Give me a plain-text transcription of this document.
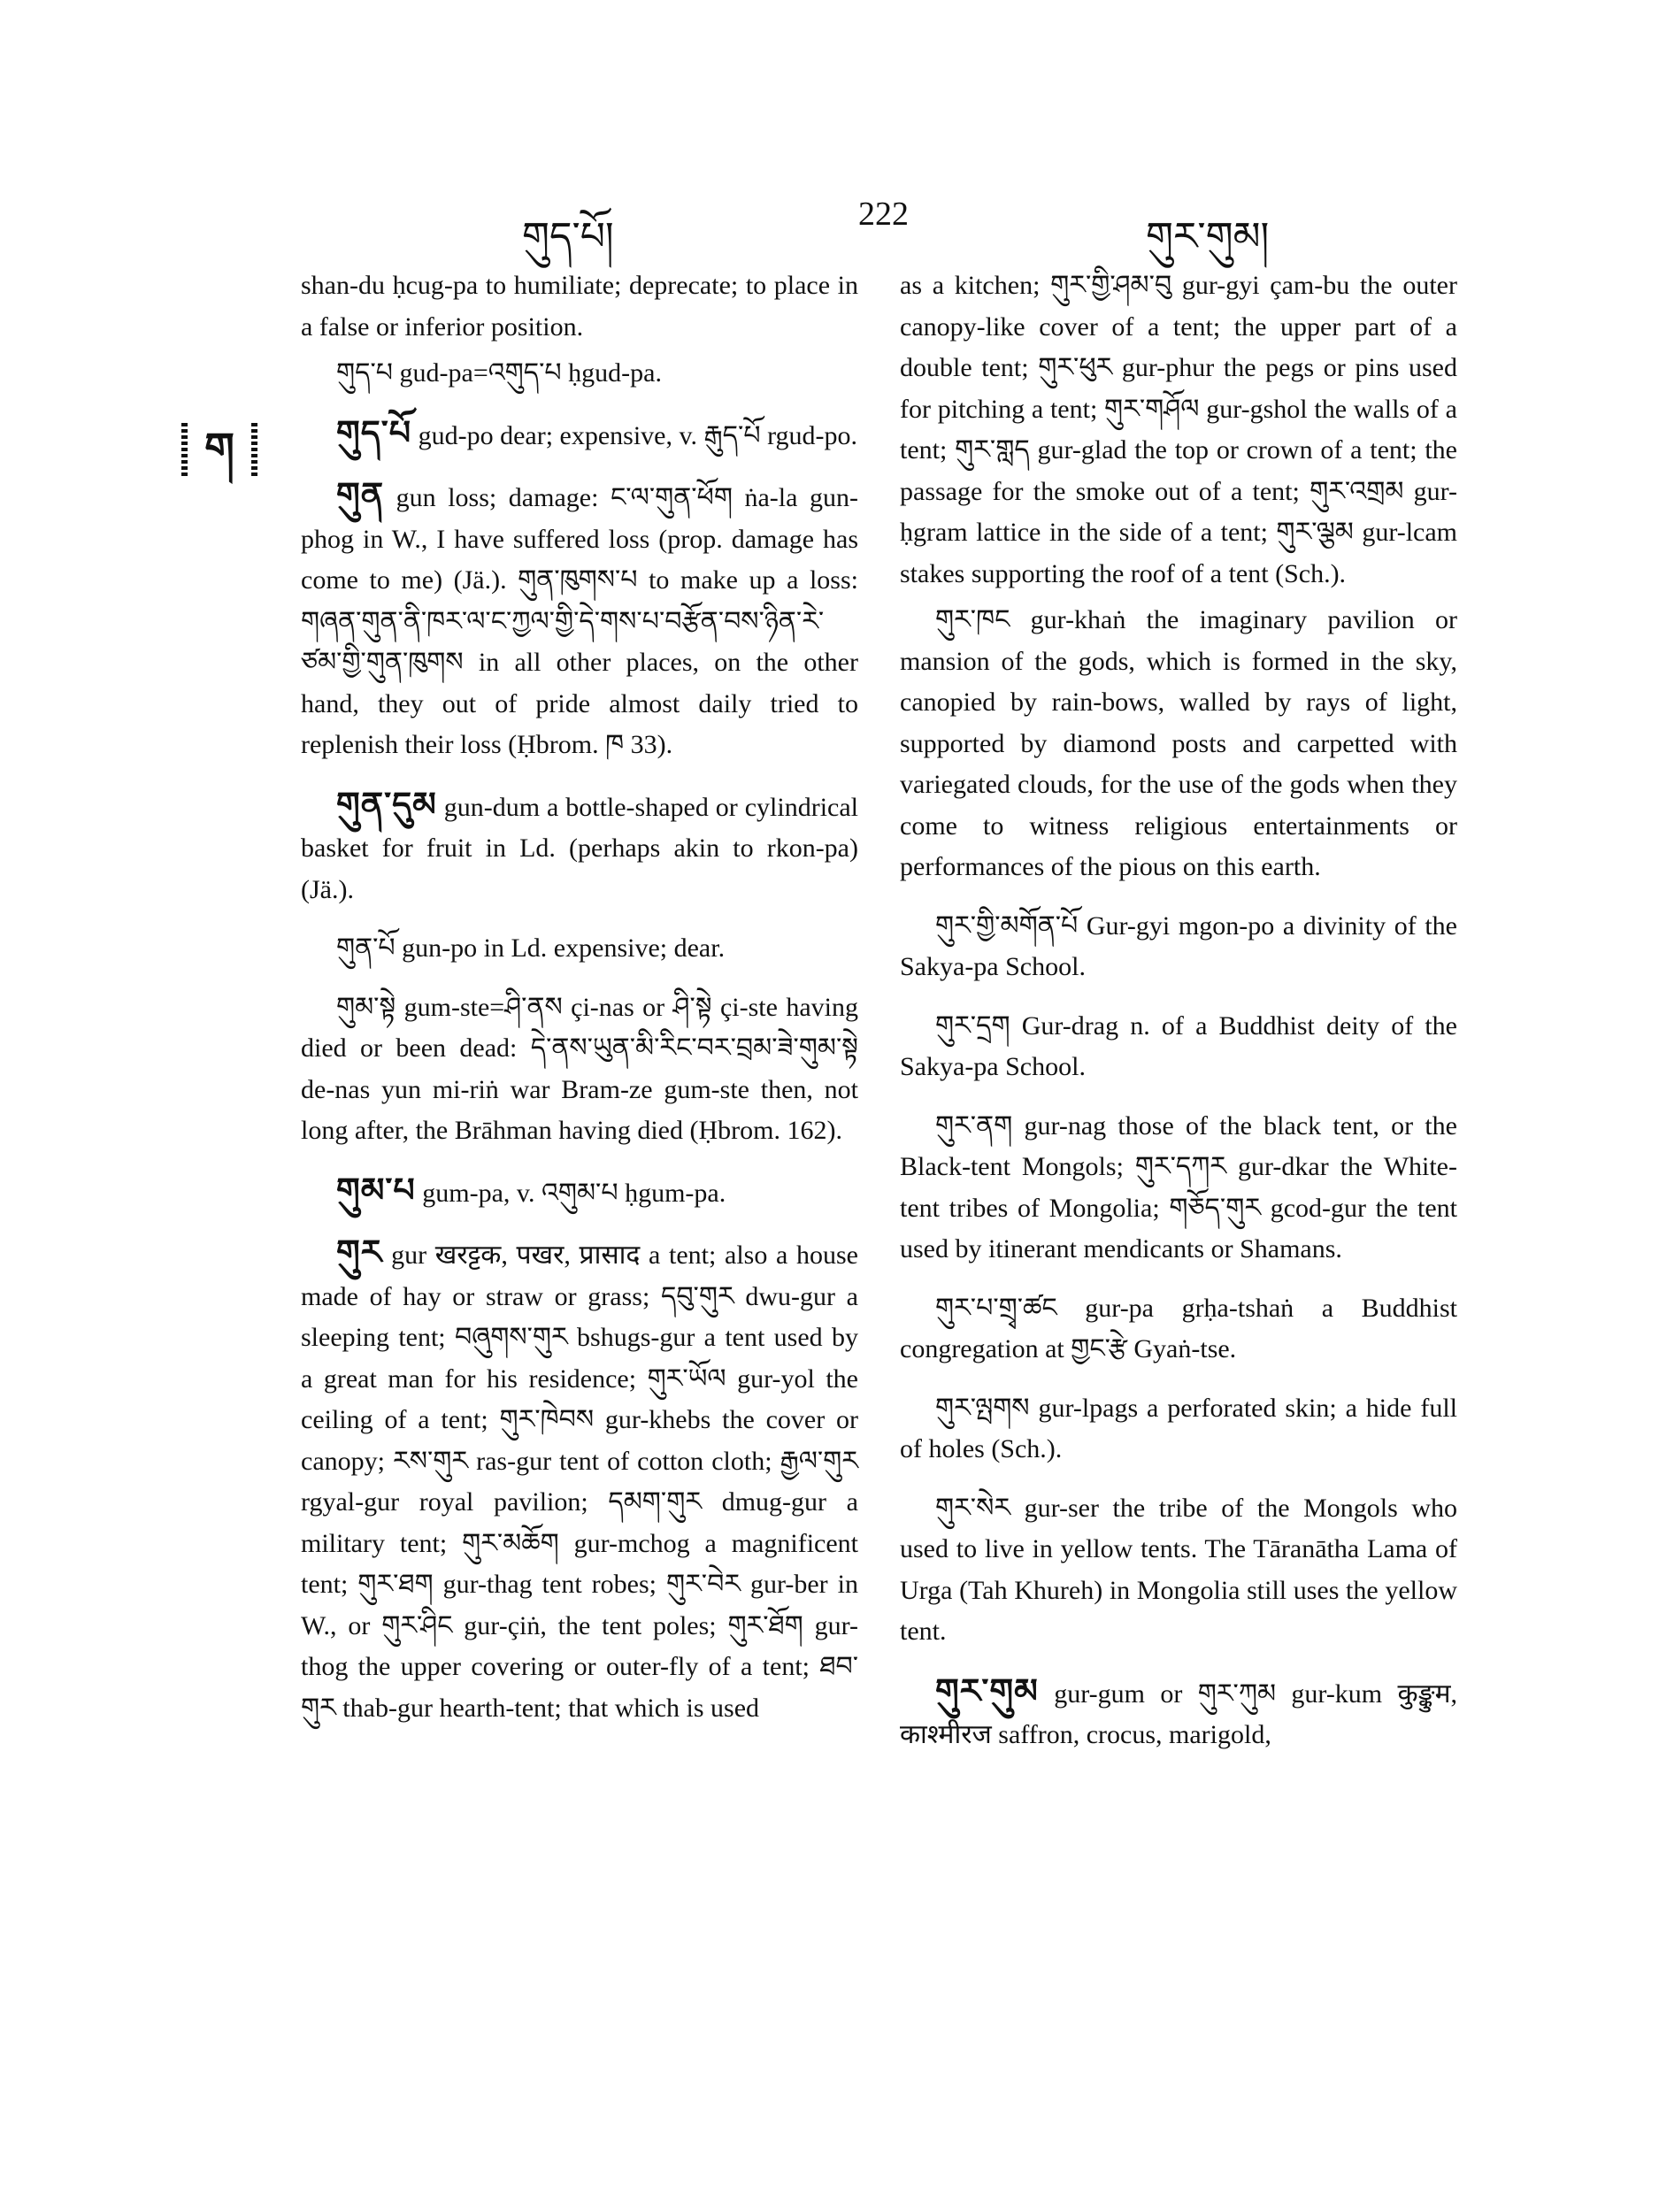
གུད་པོ།	222	གུར་གུམ།
ག

shan-du ḥcug-pa to humiliate; deprecate; to place in a false or inferior position.

གུད་པ gud-pa=འགུད་པ ḥgud-pa.

གུད་པོ gud-po dear; expensive, v. རྒུད་པོ rgud-po.

གུན gun loss; damage: ང་ལ་གུན་ཕོག ṅa-la gun-phog in W., I have suffered loss (prop. damage has come to me) (Jä.). གུན་ཁུགས་པ to make up a loss: གཞན་གུན་ནི་ཁར་ལ་ང་ཀྱལ་གྱི་དེ་གས་པ་བརྩོན་བས་ཉིན་རེ་ཙམ་གྱི་གུན་ཁུགས in all other places, on the other hand, they out of pride almost daily tried to replenish their loss (Ḥbrom. ཁ 33).

གུན་དུམ gun-dum a bottle-shaped or cylindrical basket for fruit in Ld. (perhaps akin to rkon-pa) (Jä.).

གུན་པོ gun-po in Ld. expensive; dear.

གུམ་སྟེ gum-ste=ཤི་ནས çi-nas or ཤི་སྟེ çi-ste having died or been dead: དེ་ནས་ཡུན་མི་རིང་བར་བྲམ་ཟེ་གུམ་སྟེ de-nas yun mi-riṅ war Bram-ze gum-ste then, not long after, the Brāhman having died (Ḥbrom. 162).

གུམ་པ gum-pa, v. འགུམ་པ ḥgum-pa.

གུར gur खरट्टक, पखर, प्रासाद a tent; also a house made of hay or straw or grass; དབུ་གུར dwu-gur a sleeping tent; བཞུགས་གུར bshugs-gur a tent used by a great man for his residence; གུར་ཡོལ gur-yol the ceiling of a tent; གུར་ཁེབས gur-khebs the cover or canopy; རས་གུར ras-gur tent of cotton cloth; རྒྱལ་གུར rgyal-gur royal pavilion; དམག་གུར dmug-gur a military tent; གུར་མཆོག gur-mchog a magnificent tent; གུར་ཐག gur-thag tent robes; གུར་བེར gur-ber in W., or གུར་ཤིང gur-çiṅ, the tent poles; གུར་ཐོག gur-thog the upper covering or outer-fly of a tent; ཐབ་གུར thab-gur hearth-tent; that which is used

as a kitchen; གུར་གྱི་ཤམ་བུ gur-gyi çam-bu the outer canopy-like cover of a tent; the upper part of a double tent; གུར་ཕུར gur-phur the pegs or pins used for pitching a tent; གུར་གཤོལ gur-gshol the walls of a tent; གུར་གླད gur-glad the top or crown of a tent; the passage for the smoke out of a tent; གུར་འགྲམ gur-ḥgram lattice in the side of a tent; གུར་ལྕམ gur-lcam stakes supporting the roof of a tent (Sch.).

གུར་ཁང gur-khaṅ the imaginary pavilion or mansion of the gods, which is formed in the sky, canopied by rain-bows, walled by rays of light, supported by diamond posts and carpetted with variegated clouds, for the use of the gods when they come to witness religious entertainments or performances of the pious on this earth.

གུར་གྱི་མགོན་པོ Gur-gyi mgon-po a divinity of the Sakya-pa School.

གུར་དྲག Gur-drag n. of a Buddhist deity of the Sakya-pa School.

གུར་ནག gur-nag those of the black tent, or the Black-tent Mongols; གུར་དཀར gur-dkar the White-tent tribes of Mongolia; གཅོད་གུར gcod-gur the tent used by itinerant mendicants or Shamans.

གུར་པ་གྲྭ་ཚང gur-pa grḥa-tshaṅ a Buddhist congregation at གྱང་རྩེ Gyaṅ-tse.

གུར་ལྤགས gur-lpags a perforated skin; a hide full of holes (Sch.).

གུར་སེར gur-ser the tribe of the Mongols who used to live in yellow tents. The Tāranātha Lama of Urga (Tah Khureh) in Mongolia still uses the yellow tent.

གུར་གུམ gur-gum or གུར་ཀུམ gur-kum कुङ्कुम, काश्मीरज saffron, crocus, marigold,
